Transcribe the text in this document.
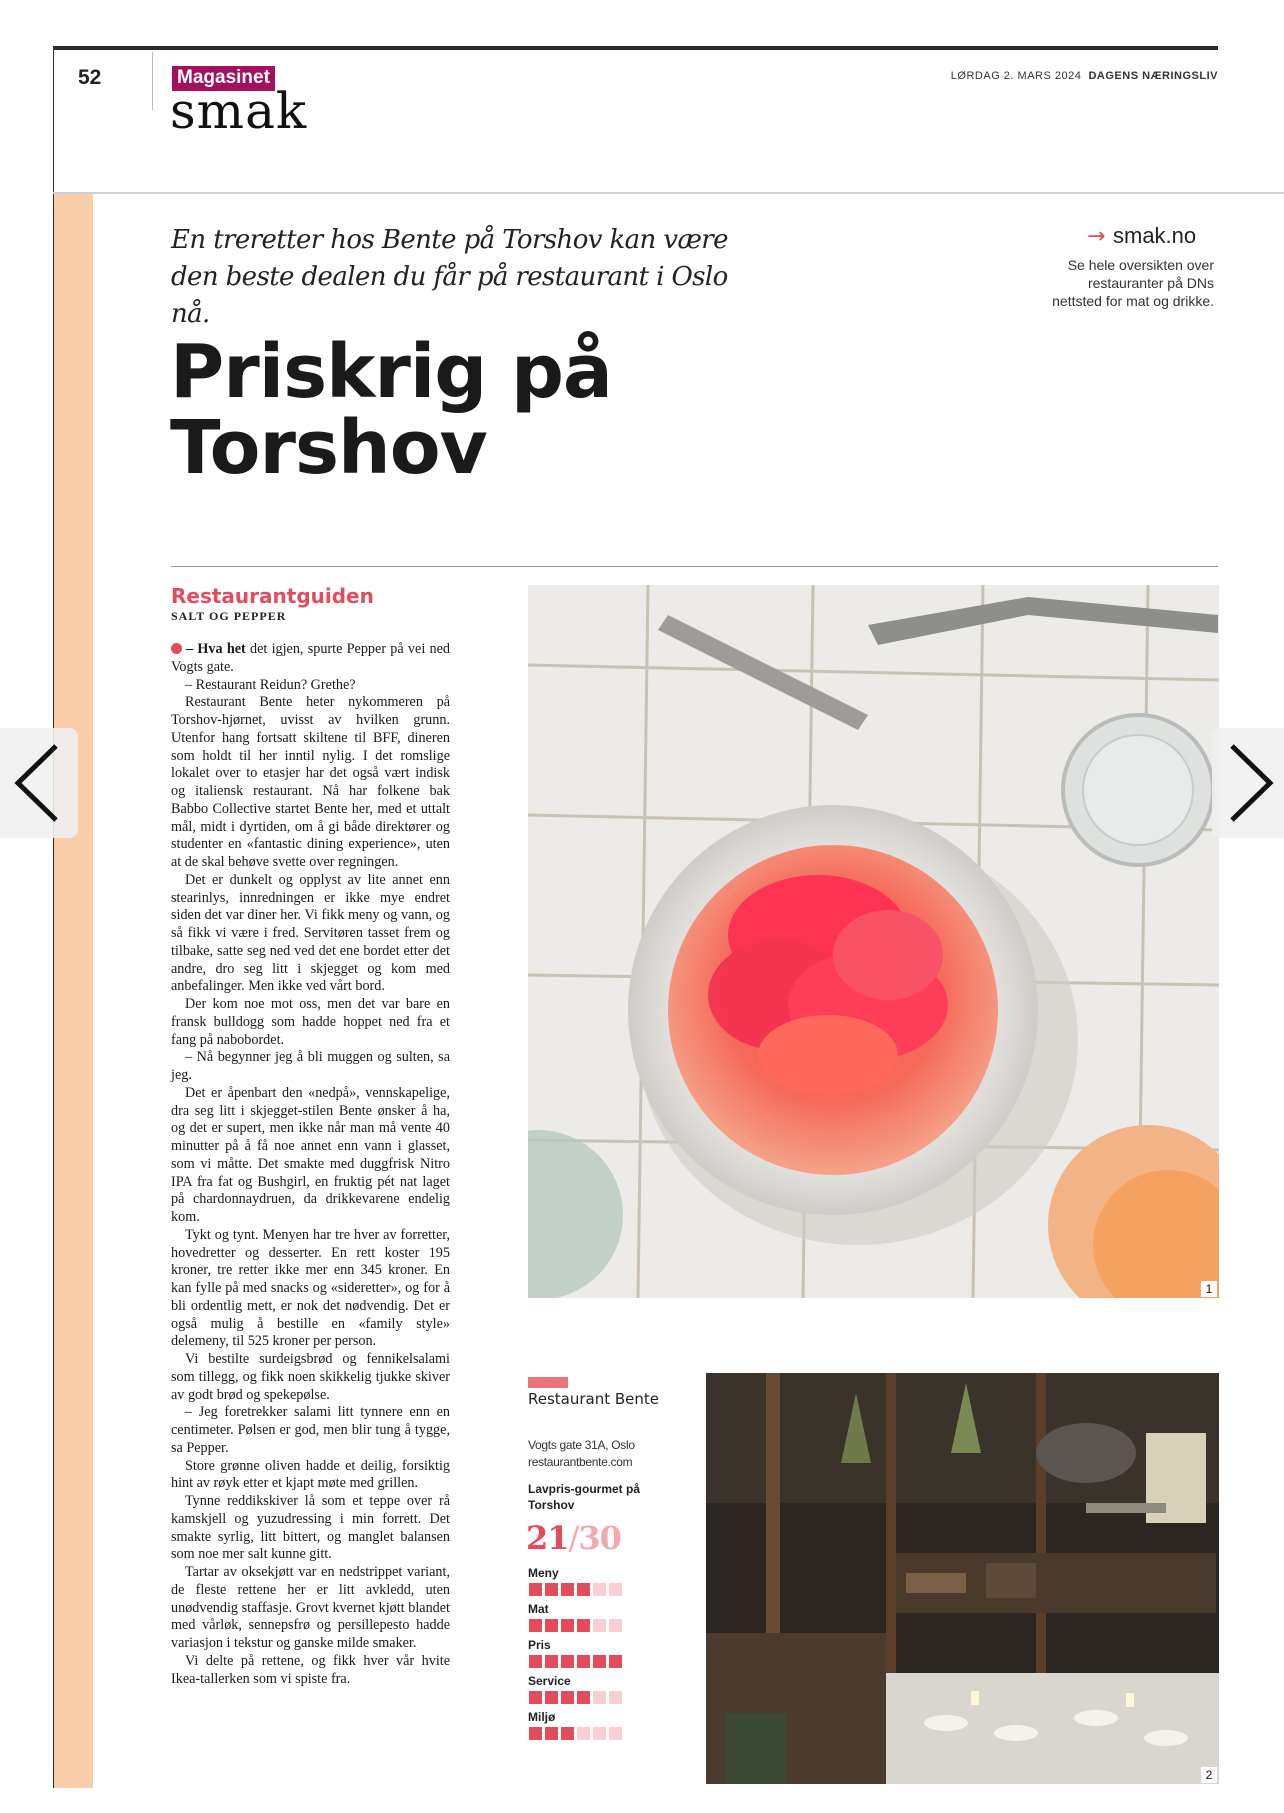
52	Magasinet
smak
LØRDAG 2. MARS 2024 DAGENS NÆRINGSLIV
En treretter hos Bente på Torshov kan være den beste dealen du får på restaurant i Oslo nå.
Priskrig på Torshov
→ smak.no
Se hele oversikten over restauranter på DNs nettsted for mat og drikke.
Restaurantguiden
SALT OG PEPPER

– Hva het det igjen, spurte Pepper på vei ned Vogts gate.

– Restaurant Reidun? Grethe?

Restaurant Bente heter nykommeren på Torshov-hjørnet, uvisst av hvilken grunn. Utenfor hang fortsatt skiltene til BFF, dineren som holdt til her inntil nylig. I det romslige lokalet over to etasjer har det også vært indisk og italiensk restaurant. Nå har folkene bak Babbo Collective startet Bente her, med et uttalt mål, midt i dyrtiden, om å gi både direktører og studenter en «fantastic dining experience», uten at de skal behøve svette over regningen.

Det er dunkelt og opplyst av lite annet enn stearinlys, innredningen er ikke mye endret siden det var diner her. Vi fikk meny og vann, og så fikk vi være i fred. Servitøren tasset frem og tilbake, satte seg ned ved det ene bordet etter det andre, dro seg litt i skjegget og kom med anbefalinger. Men ikke ved vårt bord.

Der kom noe mot oss, men det var bare en fransk bulldogg som hadde hoppet ned fra et fang på nabobordet.

– Nå begynner jeg å bli muggen og sulten, sa jeg.

Det er åpenbart den «nedpå», vennskapelige, dra seg litt i skjegget-stilen Bente ønsker å ha, og det er supert, men ikke når man må vente 40 minutter på å få noe annet enn vann i glasset, som vi måtte. Det smakte med duggfrisk Nitro IPA fra fat og Bushgirl, en fruktig pét nat laget på chardonnaydruen, da drikkevarene endelig kom.

Tykt og tynt. Menyen har tre hver av forretter, hovedretter og desserter. En rett koster 195 kroner, tre retter ikke mer enn 345 kroner. En kan fylle på med snacks og «sideretter», og for å bli ordentlig mett, er nok det nødvendig. Det er også mulig å bestille en «family style» delemeny, til 525 kroner per person.

Vi bestilte surdeigsbrød og fennikelsalami som tillegg, og fikk noen skikkelig tjukke skiver av godt brød og spekepølse.

– Jeg foretrekker salami litt tynnere enn en centimeter. Pølsen er god, men blir tung å tygge, sa Pepper.

Store grønne oliven hadde et deilig, forsiktig hint av røyk etter et kjapt møte med grillen.

Tynne reddikskiver lå som et teppe over rå kamskjell og yuzudressing i min forrett. Det smakte syrlig, litt bittert, og manglet balansen som noe mer salt kunne gitt.

Tartar av oksekjøtt var en nedstrippet variant, de fleste rettene her er litt avkledd, uten unødvendig staffasje. Grovt kvernet kjøtt blandet med vårløk, sennepsfrø og persillepesto hadde variasjon i tekstur og ganske milde smaker.

Vi delte på rettene, og fikk hver vår hvite Ikea-tallerken som vi spiste fra.

1
Restaurant Bente
Vogts gate 31A, Oslo
restaurantbente.com
Lavpris-gourmet på Torshov
21/30
Meny
Mat
Pris
Service
Miljø
2
